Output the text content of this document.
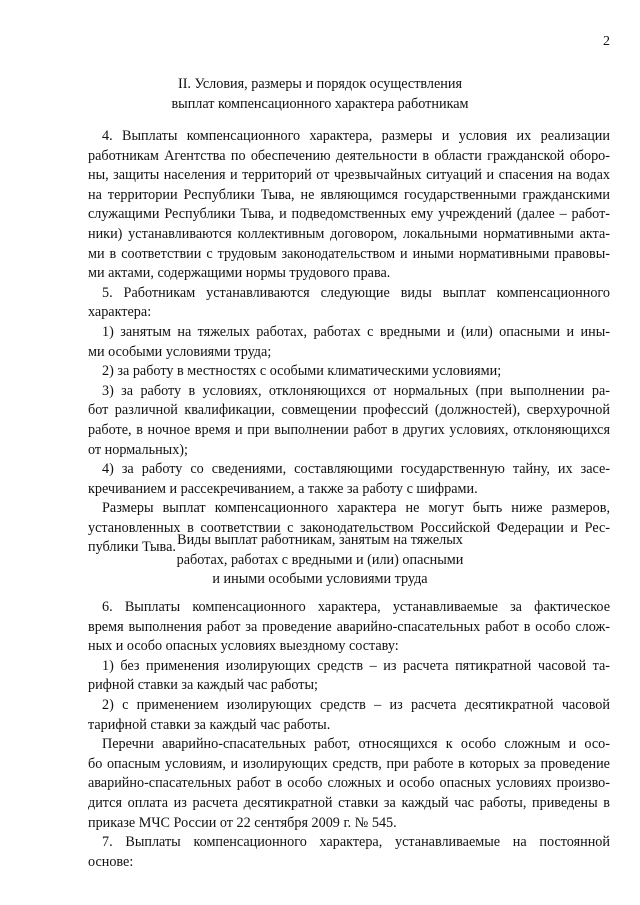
2
II. Условия, размеры и порядок осуществления
выплат компенсационного характера работникам

4. Выплаты компенсационного характера, размеры и условия их реализации
работникам Агентства по обеспечению деятельности в области гражданской оборо-
ны, защиты населения и территорий от чрезвычайных ситуаций и спасения на водах
на территории Республики Тыва, не являющимся государственными гражданскими
служащими Республики Тыва, и подведомственных ему учреждений (далее – работ-
ники) устанавливаются коллективным договором, локальными нормативными акта-
ми в соответствии с трудовым законодательством и иными нормативными правовы-
ми актами, содержащими нормы трудового права.

5. Работникам устанавливаются следующие виды выплат компенсационного
характера:

1) занятым на тяжелых работах, работах с вредными и (или) опасными и ины-
ми особыми условиями труда;

2) за работу в местностях с особыми климатическими условиями;

3) за работу в условиях, отклоняющихся от нормальных (при выполнении ра-
бот различной квалификации, совмещении профессий (должностей), сверхурочной
работе, в ночное время и при выполнении работ в других условиях, отклоняющихся
от нормальных);

4) за работу со сведениями, составляющими государственную тайну, их засе-
кречиванием и рассекречиванием, а также за работу с шифрами.

Размеры выплат компенсационного характера не могут быть ниже размеров,
установленных в соответствии с законодательством Российской Федерации и Рес-
публики Тыва. Виды выплат работникам, занятым на тяжелых
работах, работах с вредными и (или) опасными
и иными особыми условиями труда

6. Выплаты компенсационного характера, устанавливаемые за фактическое
время выполнения работ за проведение аварийно-спасательных работ в особо слож-
ных и особо опасных условиях выездному составу:

1) без применения изолирующих средств – из расчета пятикратной часовой та-
рифной ставки за каждый час работы;

2) с применением изолирующих средств – из расчета десятикратной часовой
тарифной ставки за каждый час работы.

Перечни аварийно-спасательных работ, относящихся к особо сложным и осо-
бо опасным условиям, и изолирующих средств, при работе в которых за проведение
аварийно-спасательных работ в особо сложных и особо опасных условиях произво-
дится оплата из расчета десятикратной ставки за каждый час работы, приведены в
приказе МЧС России от 22 сентября 2009 г. № 545.

7. Выплаты компенсационного характера, устанавливаемые на постоянной
основе:
